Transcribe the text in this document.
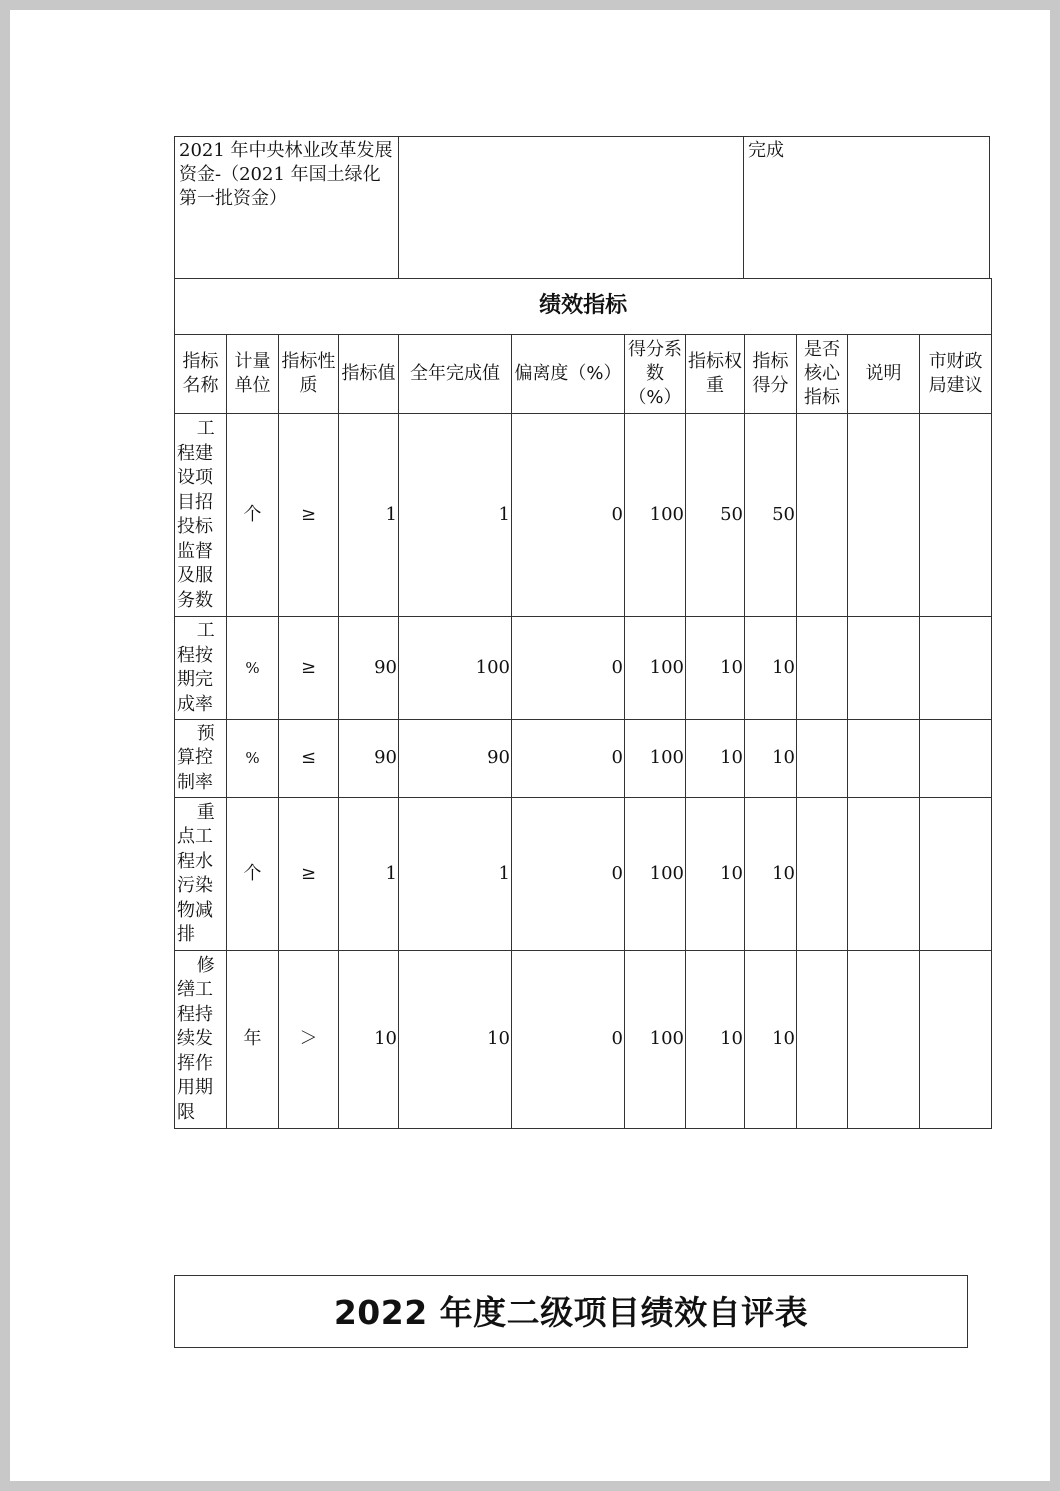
2021 年中央林业改革发展资金-（2021 年国土绿化第一批资金）
完成
绩效指标											
指标名称	计量单位	指标性质	指标值	全年完成值	偏离度（%）	得分系数（%）	指标权重	指标得分	是否核心指标	说明	市财政局建议
工程建设项目招投标监督及服务数	个	≥	1	1	0	100	50	50			
工程按期完成率	%	≥	90	100	0	100	10	10			
预算控制率	%	≤	90	90	0	100	10	10			
重点工程水污染物减排	个	≥	1	1	0	100	10	10			
修缮工程持续发挥作用期限	年	＞	10	10	0	100	10	10			
2022 年度二级项目绩效自评表
